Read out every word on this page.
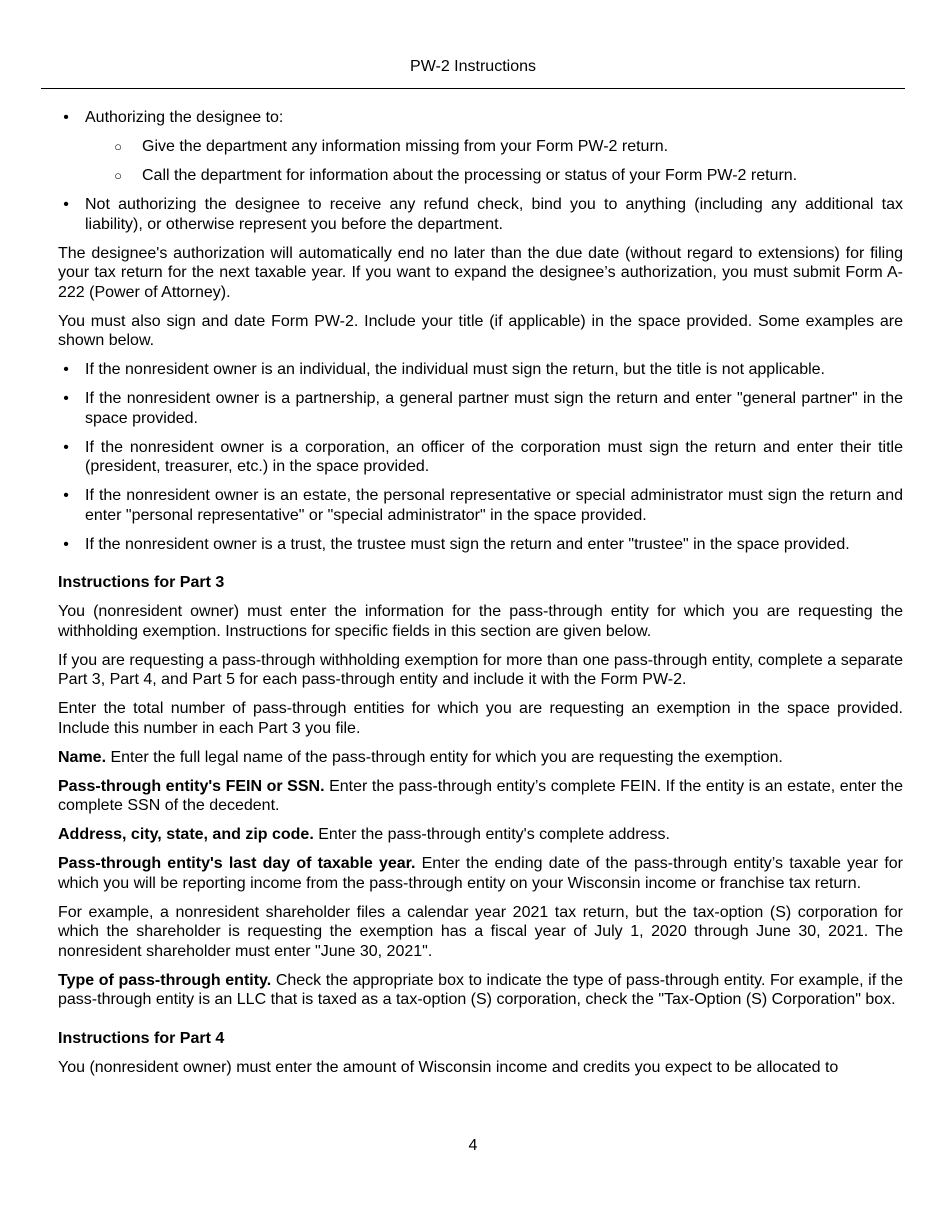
PW-2 Instructions
• Authorizing the designee to:
○ Give the department any information missing from your Form PW-2 return.
○ Call the department for information about the processing or status of your Form PW-2 return.
• Not authorizing the designee to receive any refund check, bind you to anything (including any additional tax liability), or otherwise represent you before the department.

The designee's authorization will automatically end no later than the due date (without regard to extensions) for filing your tax return for the next taxable year. If you want to expand the designee’s authorization, you must submit Form A-222 (Power of Attorney).

You must also sign and date Form PW-2. Include your title (if applicable) in the space provided. Some examples are shown below.

• If the nonresident owner is an individual, the individual must sign the return, but the title is not applicable.
• If the nonresident owner is a partnership, a general partner must sign the return and enter "general partner" in the space provided.
• If the nonresident owner is a corporation, an officer of the corporation must sign the return and enter their title (president, treasurer, etc.) in the space provided.
• If the nonresident owner is an estate, the personal representative or special administrator must sign the return and enter "personal representative" or "special administrator" in the space provided.
• If the nonresident owner is a trust, the trustee must sign the return and enter "trustee" in the space provided.

Instructions for Part 3

You (nonresident owner) must enter the information for the pass-through entity for which you are requesting the withholding exemption. Instructions for specific fields in this section are given below.

If you are requesting a pass-through withholding exemption for more than one pass-through entity, complete a separate Part 3, Part 4, and Part 5 for each pass-through entity and include it with the Form PW-2.

Enter the total number of pass-through entities for which you are requesting an exemption in the space provided. Include this number in each Part 3 you file.

Name. Enter the full legal name of the pass-through entity for which you are requesting the exemption.

Pass-through entity's FEIN or SSN. Enter the pass-through entity’s complete FEIN. If the entity is an estate, enter the complete SSN of the decedent.

Address, city, state, and zip code. Enter the pass-through entity's complete address.

Pass-through entity's last day of taxable year. Enter the ending date of the pass-through entity’s taxable year for which you will be reporting income from the pass-through entity on your Wisconsin income or franchise tax return.

For example, a nonresident shareholder files a calendar year 2021 tax return, but the tax-option (S) corporation for which the shareholder is requesting the exemption has a fiscal year of July 1, 2020 through June 30, 2021. The nonresident shareholder must enter "June 30, 2021".

Type of pass-through entity. Check the appropriate box to indicate the type of pass-through entity. For example, if the pass-through entity is an LLC that is taxed as a tax-option (S) corporation, check the "Tax-Option (S) Corporation" box.

Instructions for Part 4

You (nonresident owner) must enter the amount of Wisconsin income and credits you expect to be allocated to

4
